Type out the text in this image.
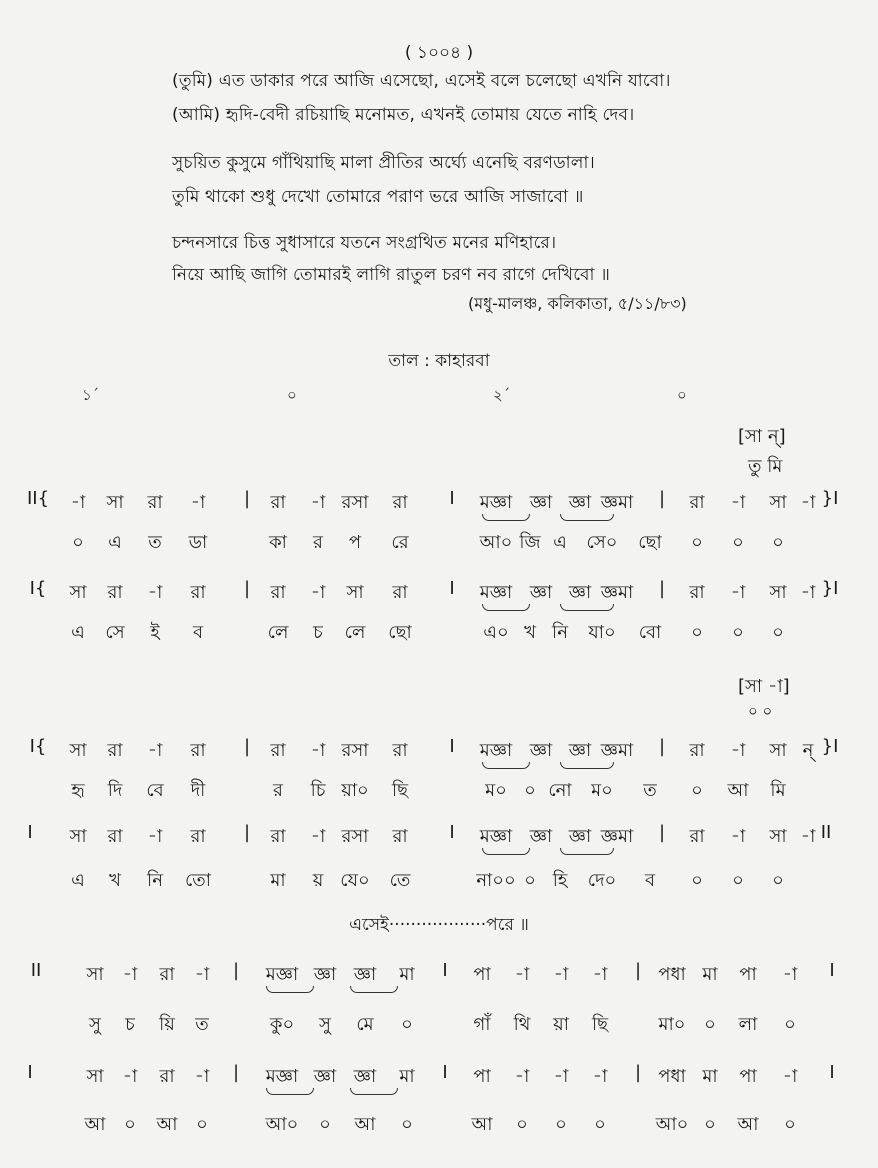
( ১০০৪ )
(তুমি) এত ডাকার পরে আজি এসেছো, এসেই বলে চলেছো এখনি যাবো।
(আমি) হৃদি-বেদী রচিয়াছি মনোমত, এখনই তোমায় যেতে নাহি দেব।
সুচয়িত কুসুমে গাঁথিয়াছি মালা প্রীতির অর্ঘ্যে এনেছি বরণডালা।
তুমি থাকো শুধু দেখো তোমারে পরাণ ভরে আজি সাজাবো ॥
চন্দনসারে চিত্ত সুধাসারে যতনে সংগ্রথিত মনের মণিহারে।
নিয়ে আছি জাগি তোমারই লাগি রাতুল চরণ নব রাগে দেখিবো ॥
(মধু-মালঞ্চ, কলিকাতা, ৫/১১/৮৩)
তাল : কাহারবা
১´	০	২´	০
[সা ন্]
তু মি
[সা -া]
০ ০
এসেই··················পরে ॥
II{ -া সা রা -া | রা -া রসা রা I মজ্ঞা জ্ঞা জ্ঞা জ্ঞমা | রা -া সা -া }I
০ এ ত ডা	কা র প রে	আ০ জি এ সে০ ছো ০ ০ ০
I{ সা রা -া রা | রা -া সা রা I মজ্ঞা জ্ঞা জ্ঞা জ্ঞমা | রা -া সা -া }I
এ সে ই ব	লে চ লে ছো	এ০ খ নি যা০ বো ০ ০ ০
I{ সা রা -া রা | রা -া রসা রা I মজ্ঞা জ্ঞা জ্ঞা জ্ঞমা | রা -া সা ন্ }I
হৃ দি বে দী	র চি য়া০ ছি	ম০ ০ নো ম০ ত ০ আ মি
I সা রা -া রা | রা -া রসা রা I মজ্ঞা জ্ঞা জ্ঞা জ্ঞমা | রা -া সা -া II
এ খ নি তো	মা য় যে০ তে	না০০ ০ হি দে০ ব ০ ০ ০
II	সা -া রা -া | মজ্ঞা জ্ঞা জ্ঞা মা I পা -া -া -া | পধা মা পা -া I
সু চ য়ি ত	কু০ সু মে ০	গাঁ থি য়া ছি	মা০ ০ লা ০
I	সা -া রা -া | মজ্ঞা জ্ঞা জ্ঞা মা I পা -া -া -া | পধা মা পা -া I
আ ০ আ ০	আ০ ০ আ ০	আ ০ ০ ০	আ০ ০ আ ০
